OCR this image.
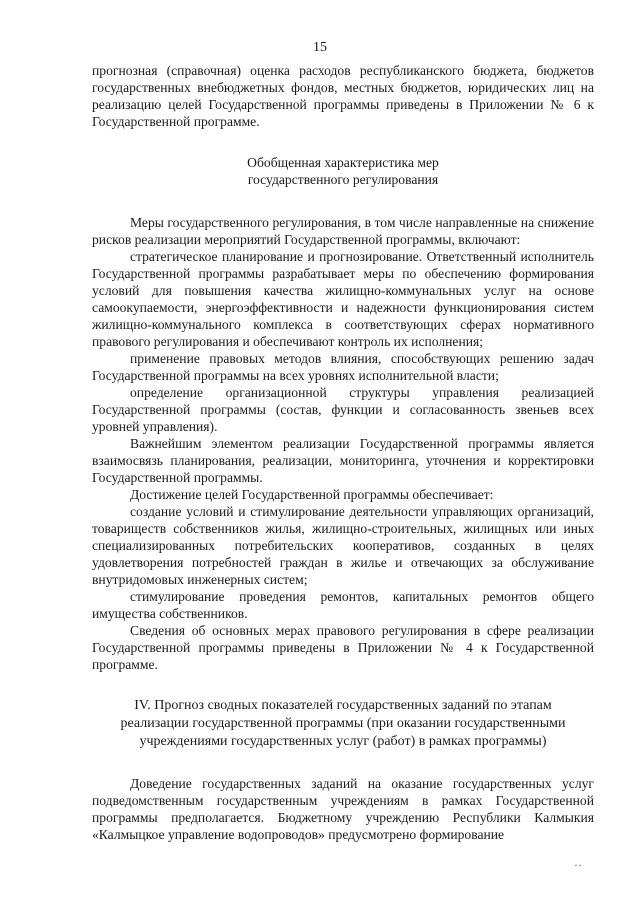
15

прогнозная (справочная) оценка расходов республиканского бюджета, бюджетов государственных внебюджетных фондов, местных бюджетов, юридических лиц на реализацию целей Государственной программы приведены в Приложении № 6 к Государственной программе.

Обобщенная характеристика мер

государственного регулирования

Меры государственного регулирования, в том числе направленные на снижение рисков реализации мероприятий Государственной программы, включают:

стратегическое планирование и прогнозирование. Ответственный исполнитель Государственной программы разрабатывает меры по обеспечению формирования условий для повышения качества жилищно-коммунальных услуг на основе самоокупаемости, энергоэффективности и надежности функционирования систем жилищно-коммунального комплекса в соответствующих сферах нормативного правового регулирования и обеспечивают контроль их исполнения;

применение правовых методов влияния, способствующих решению задач Государственной программы на всех уровнях исполнительной власти;

определение организационной структуры управления реализацией Государственной программы (состав, функции и согласованность звеньев всех уровней управления).

Важнейшим элементом реализации Государственной программы является взаимосвязь планирования, реализации, мониторинга, уточнения и корректировки Государственной программы.

Достижение целей Государственной программы обеспечивает:

создание условий и стимулирование деятельности управляющих организаций, товариществ собственников жилья, жилищно-строительных, жилищных или иных специализированных потребительских кооперативов, созданных в целях удовлетворения потребностей граждан в жилье и отвечающих за обслуживание внутридомовых инженерных систем;

стимулирование проведения ремонтов, капитальных ремонтов общего имущества собственников.

Сведения об основных мерах правового регулирования в сфере реализации Государственной программы приведены в Приложении № 4 к Государственной программе.

IV. Прогноз сводных показателей государственных заданий по этапам

реализации государственной программы (при оказании государственными

учреждениями государственных услуг (работ) в рамках программы)

Доведение государственных заданий на оказание государственных услуг подведомственным государственным учреждениям в рамках Государственной программы предполагается. Бюджетному учреждению Республики Калмыкия «Калмыцкое управление водопроводов» предусмотрено формирование

··
